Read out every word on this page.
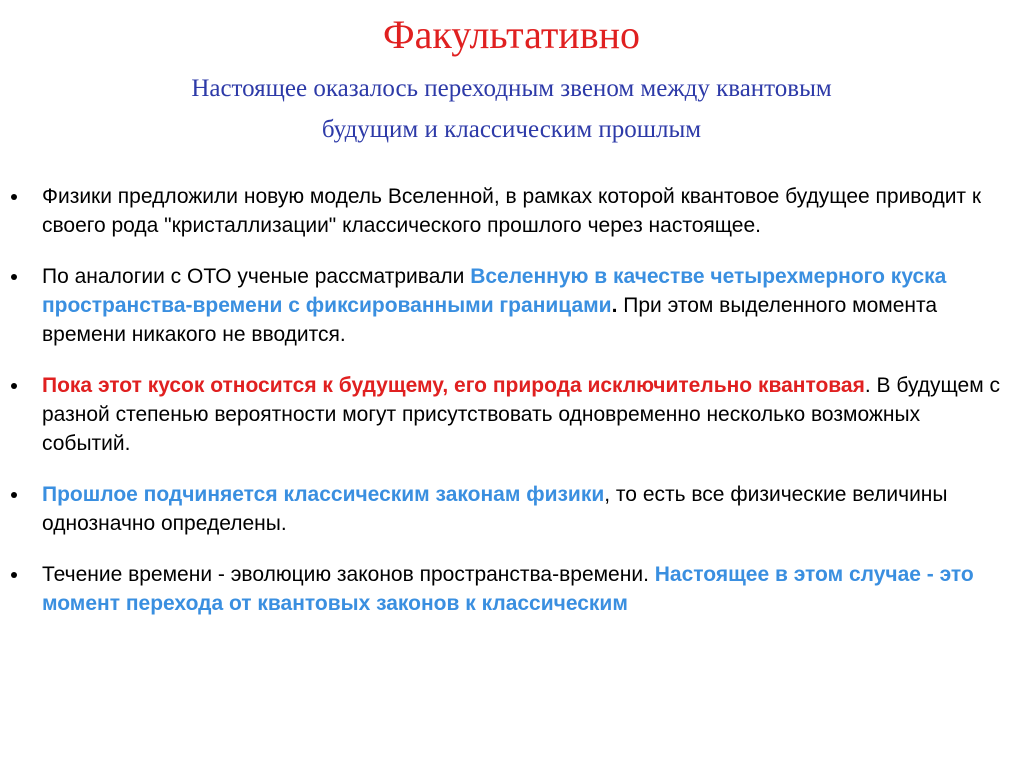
Факультативно
Настоящее оказалось переходным звеном между квантовым
будущим и классическим прошлым
Физики предложили новую модель Вселенной, в рамках которой квантовое будущее приводит к своего рода "кристаллизации" классического прошлого через настоящее.
По аналогии с ОТО ученые рассматривали Вселенную в качестве четырехмерного куска пространства-времени с фиксированными границами. При этом выделенного момента времени никакого не вводится.
Пока этот кусок относится к будущему, его природа исключительно квантовая. В будущем с разной степенью вероятности могут присутствовать одновременно несколько возможных событий.
Прошлое подчиняется классическим законам физики, то есть все физические величины однозначно определены.
Течение времени - эволюцию законов пространства-времени. Настоящее в этом случае - это момент перехода от квантовых законов к классическим
